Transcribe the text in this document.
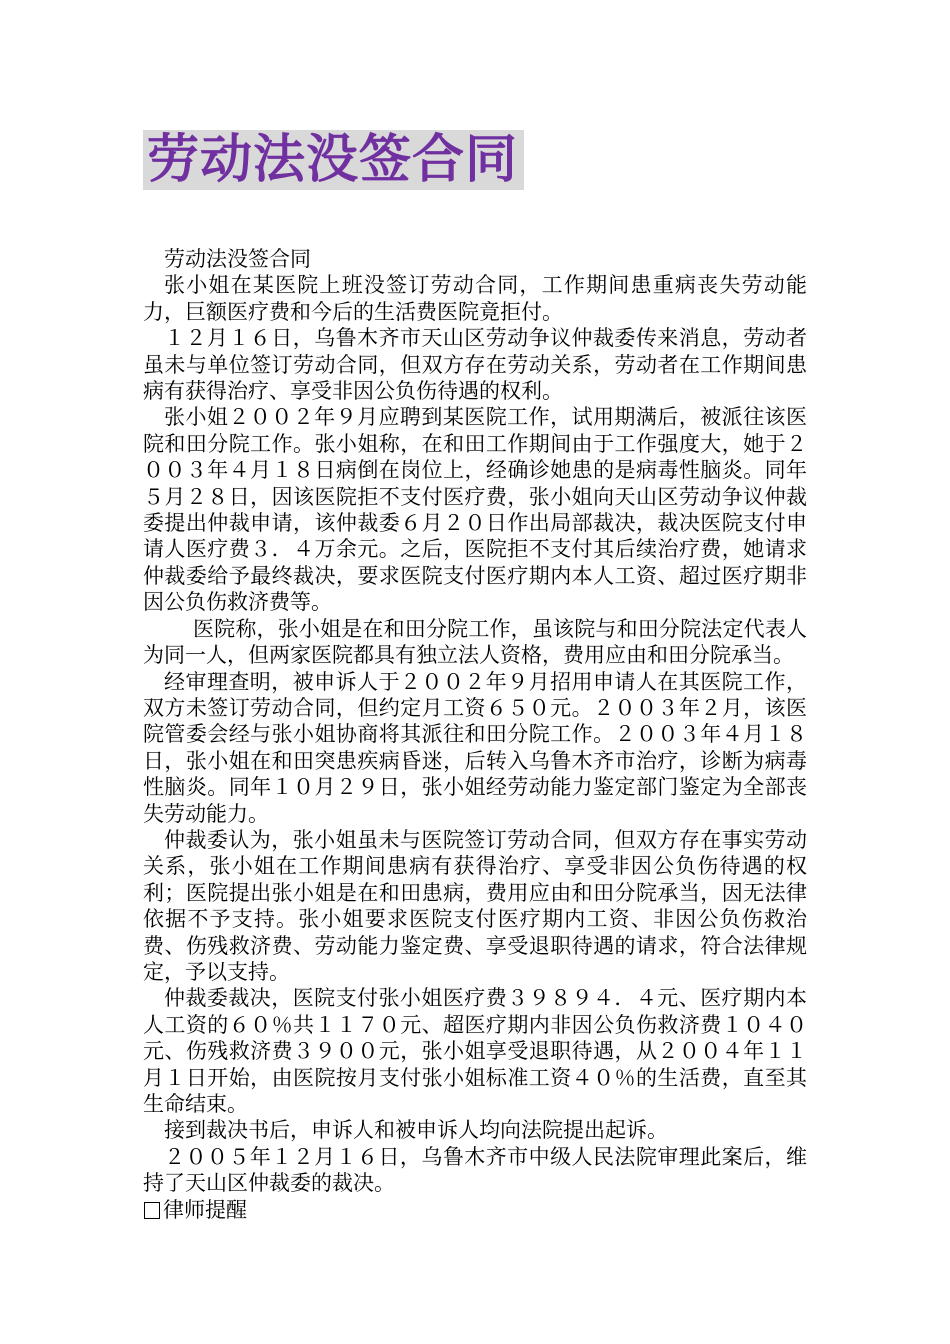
劳动法没签合同

劳动法没签合同

张小姐在某医院上班没签订劳动合同，工作期间患重病丧失劳动能力，巨额医疗费和今后的生活费医院竟拒付。

１２月１６日，乌鲁木齐市天山区劳动争议仲裁委传来消息，劳动者虽未与单位签订劳动合同，但双方存在劳动关系，劳动者在工作期间患病有获得治疗、享受非因公负伤待遇的权利。

张小姐２００２年９月应聘到某医院工作，试用期满后，被派往该医院和田分院工作。张小姐称，在和田工作期间由于工作强度大，她于２００３年４月１８日病倒在岗位上，经确诊她患的是病毒性脑炎。同年５月２８日，因该医院拒不支付医疗费，张小姐向天山区劳动争议仲裁委提出仲裁申请，该仲裁委６月２０日作出局部裁决，裁决医院支付申请人医疗费３．４万余元。之后，医院拒不支付其后续治疗费，她请求仲裁委给予最终裁决，要求医院支付医疗期内本人工资、超过医疗期非因公负伤救济费等。

医院称，张小姐是在和田分院工作，虽该院与和田分院法定代表人为同一人，但两家医院都具有独立法人资格，费用应由和田分院承当。

经审理查明，被申诉人于２００２年９月招用申请人在其医院工作，双方未签订劳动合同，但约定月工资６５０元。２００３年２月，该医院管委会经与张小姐协商将其派往和田分院工作。２００３年４月１８日，张小姐在和田突患疾病昏迷，后转入乌鲁木齐市治疗，诊断为病毒性脑炎。同年１０月２９日，张小姐经劳动能力鉴定部门鉴定为全部丧失劳动能力。

仲裁委认为，张小姐虽未与医院签订劳动合同，但双方存在事实劳动关系，张小姐在工作期间患病有获得治疗、享受非因公负伤待遇的权利；医院提出张小姐是在和田患病，费用应由和田分院承当，因无法律依据不予支持。张小姐要求医院支付医疗期内工资、非因公负伤救治费、伤残救济费、劳动能力鉴定费、享受退职待遇的请求，符合法律规定，予以支持。

仲裁委裁决，医院支付张小姐医疗费３９８９４．４元、医疗期内本人工资的６０％共１１７０元、超医疗期内非因公负伤救济费１０４０元、伤残救济费３９００元，张小姐享受退职待遇，从２００４年１１月１日开始，由医院按月支付张小姐标准工资４０％的生活费，直至其生命结束。

接到裁决书后，申诉人和被申诉人均向法院提出起诉。

２００５年１２月１６日，乌鲁木齐市中级人民法院审理此案后，维持了天山区仲裁委的裁决。

律师提醒
